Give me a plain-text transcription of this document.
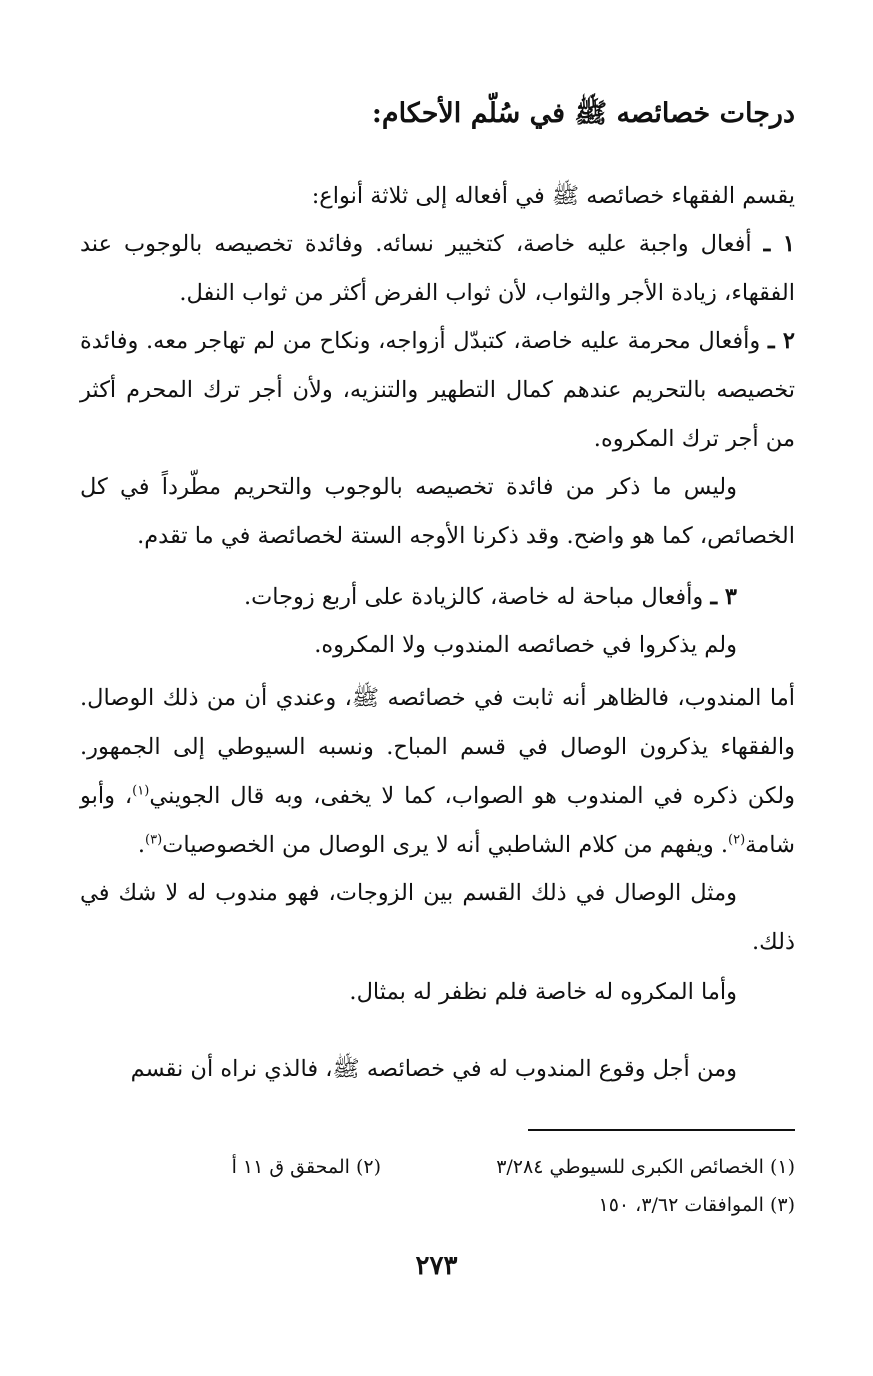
درجات خصائصه ﷺ في سُلّم الأحكام:
يقسم الفقهاء خصائصه ﷺ في أفعاله إلى ثلاثة أنواع:
١ ـ أفعال واجبة عليه خاصة، كتخيير نسائه. وفائدة تخصيصه بالوجوب عند الفقهاء، زيادة الأجر والثواب، لأن ثواب الفرض أكثر من ثواب النفل.
٢ ـ وأفعال محرمة عليه خاصة، كتبدّل أزواجه، ونكاح من لم تهاجر معه. وفائدة تخصيصه بالتحريم عندهم كمال التطهير والتنزيه، ولأن أجر ترك المحرم أكثر من أجر ترك المكروه.
وليس ما ذكر من فائدة تخصيصه بالوجوب والتحريم مطّرداً في كل الخصائص، كما هو واضح. وقد ذكرنا الأوجه الستة لخصائصة في ما تقدم.
٣ ـ وأفعال مباحة له خاصة، كالزيادة على أربع زوجات.
ولم يذكروا في خصائصه المندوب ولا المكروه.
أما المندوب، فالظاهر أنه ثابت في خصائصه ﷺ، وعندي أن من ذلك الوصال. والفقهاء يذكرون الوصال في قسم المباح. ونسبه السيوطي إلى الجمهور. ولكن ذكره في المندوب هو الصواب، كما لا يخفى، وبه قال الجويني$^{(١)}$، وأبو شامة$^{(٢)}$. ويفهم من كلام الشاطبي أنه لا يرى الوصال من الخصوصيات$^{(٣)}$.
ومثل الوصال في ذلك القسم بين الزوجات، فهو مندوب له لا شك في ذلك.
وأما المكروه له خاصة فلم نظفر له بمثال.
ومن أجل وقوع المندوب له في خصائصه ﷺ، فالذي نراه أن نقسم
(١) الخصائص الكبرى للسيوطي ٣/٢٨٤
(٢) المحقق ق ١١ أ
(٣) الموافقات ٣/٦٢، ١٥٠
٢٧٣
